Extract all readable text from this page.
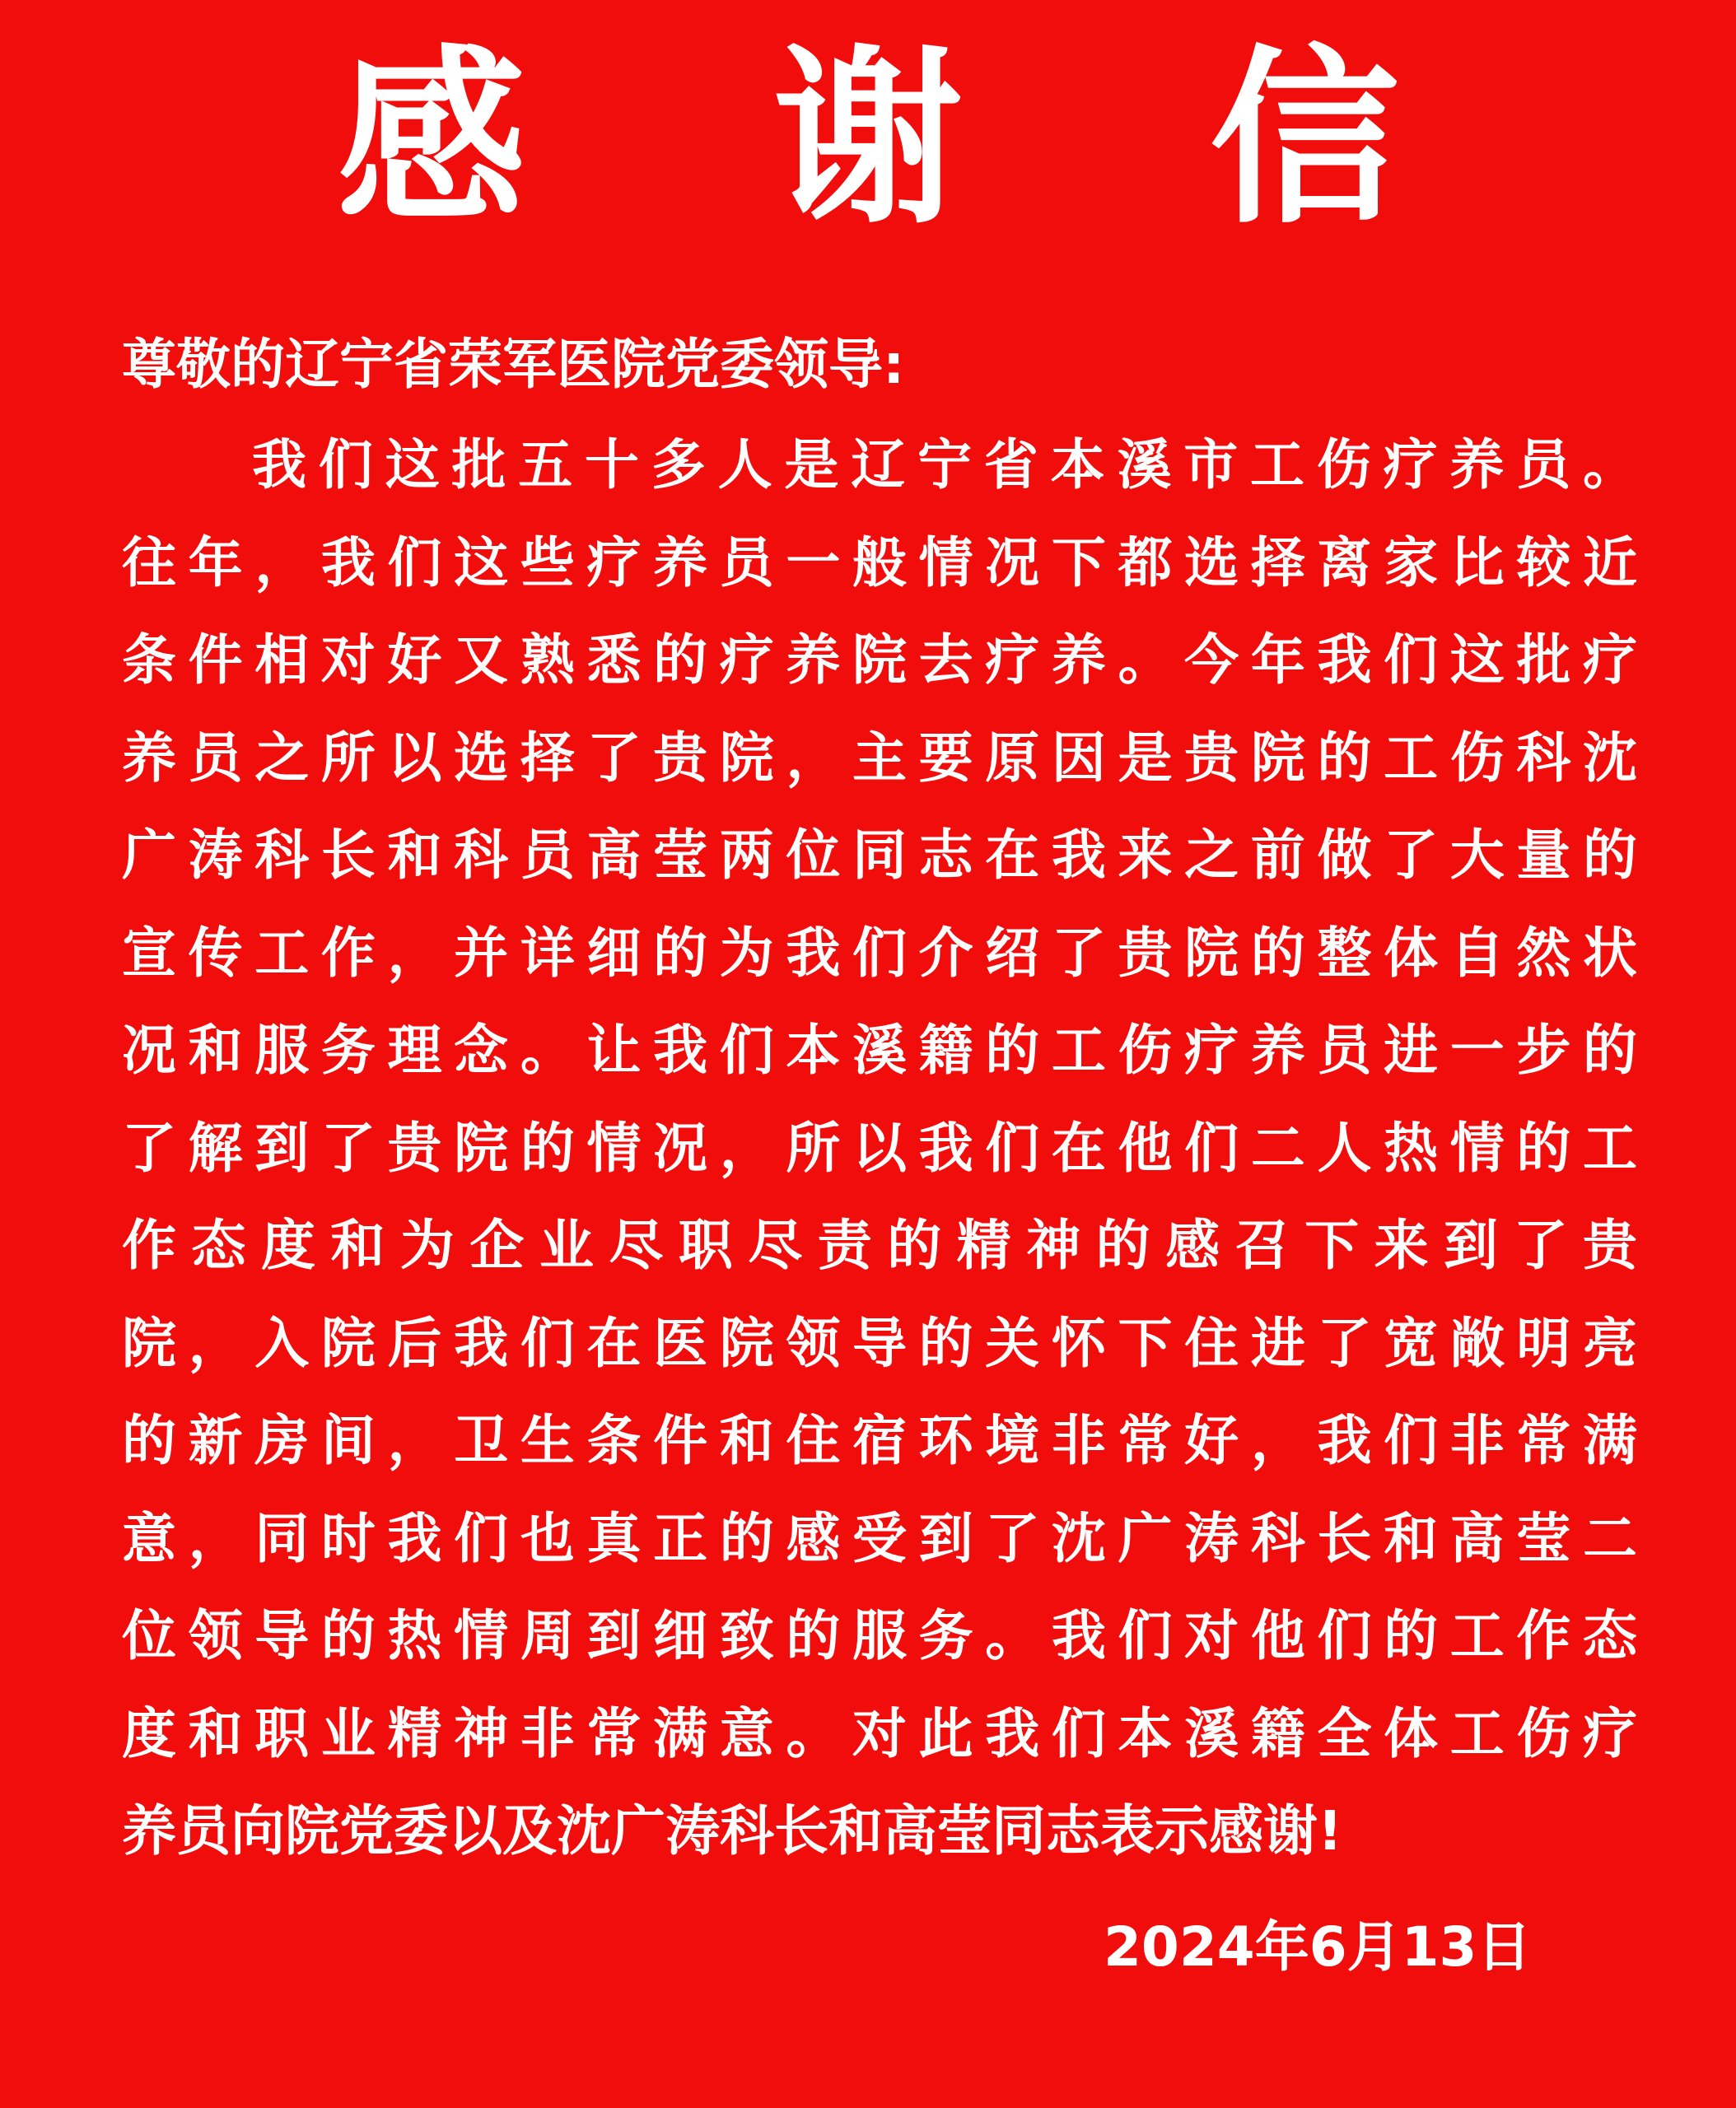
感 谢 信
尊敬的辽宁省荣军医院党委领导:
我们这批五十多人是辽宁省本溪市工伤疗养员。
往年，我们这些疗养员一般情况下都选择离家比较近
条件相对好又熟悉的疗养院去疗养。今年我们这批疗
养员之所以选择了贵院，主要原因是贵院的工伤科沈
广涛科长和科员高莹两位同志在我来之前做了大量的
宣传工作，并详细的为我们介绍了贵院的整体自然状
况和服务理念。让我们本溪籍的工伤疗养员进一步的
了解到了贵院的情况，所以我们在他们二人热情的工
作态度和为企业尽职尽责的精神的感召下来到了贵
院，入院后我们在医院领导的关怀下住进了宽敞明亮
的新房间，卫生条件和住宿环境非常好，我们非常满
意，同时我们也真正的感受到了沈广涛科长和高莹二
位领导的热情周到细致的服务。我们对他们的工作态
度和职业精神非常满意。对此我们本溪籍全体工伤疗
养员向院党委以及沈广涛科长和高莹同志表示感谢!
2024年6月13日
